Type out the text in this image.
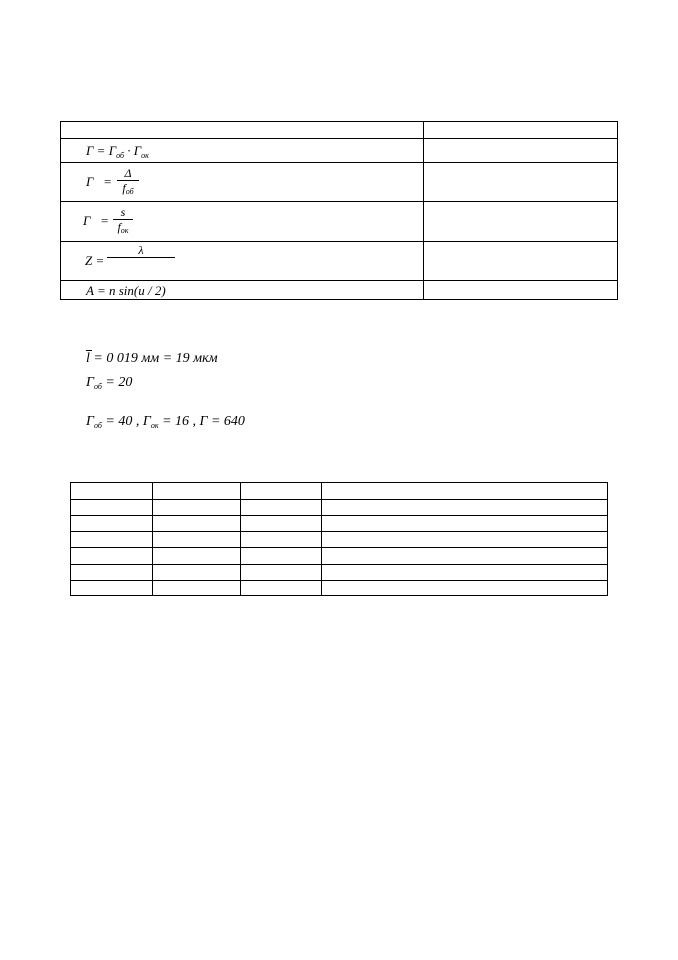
$Г = Г_{об} \cdot Г_{ок}$
Г =
Δ
fоб
Г =
s
fок
Z =
λ
A = n sin(u / 2)
l = 0 019 мм = 19 мкм
$Г_{об} = 20$
$Г_{об} = 40$ , $Г_{ок} = 16$ , Г = 640
